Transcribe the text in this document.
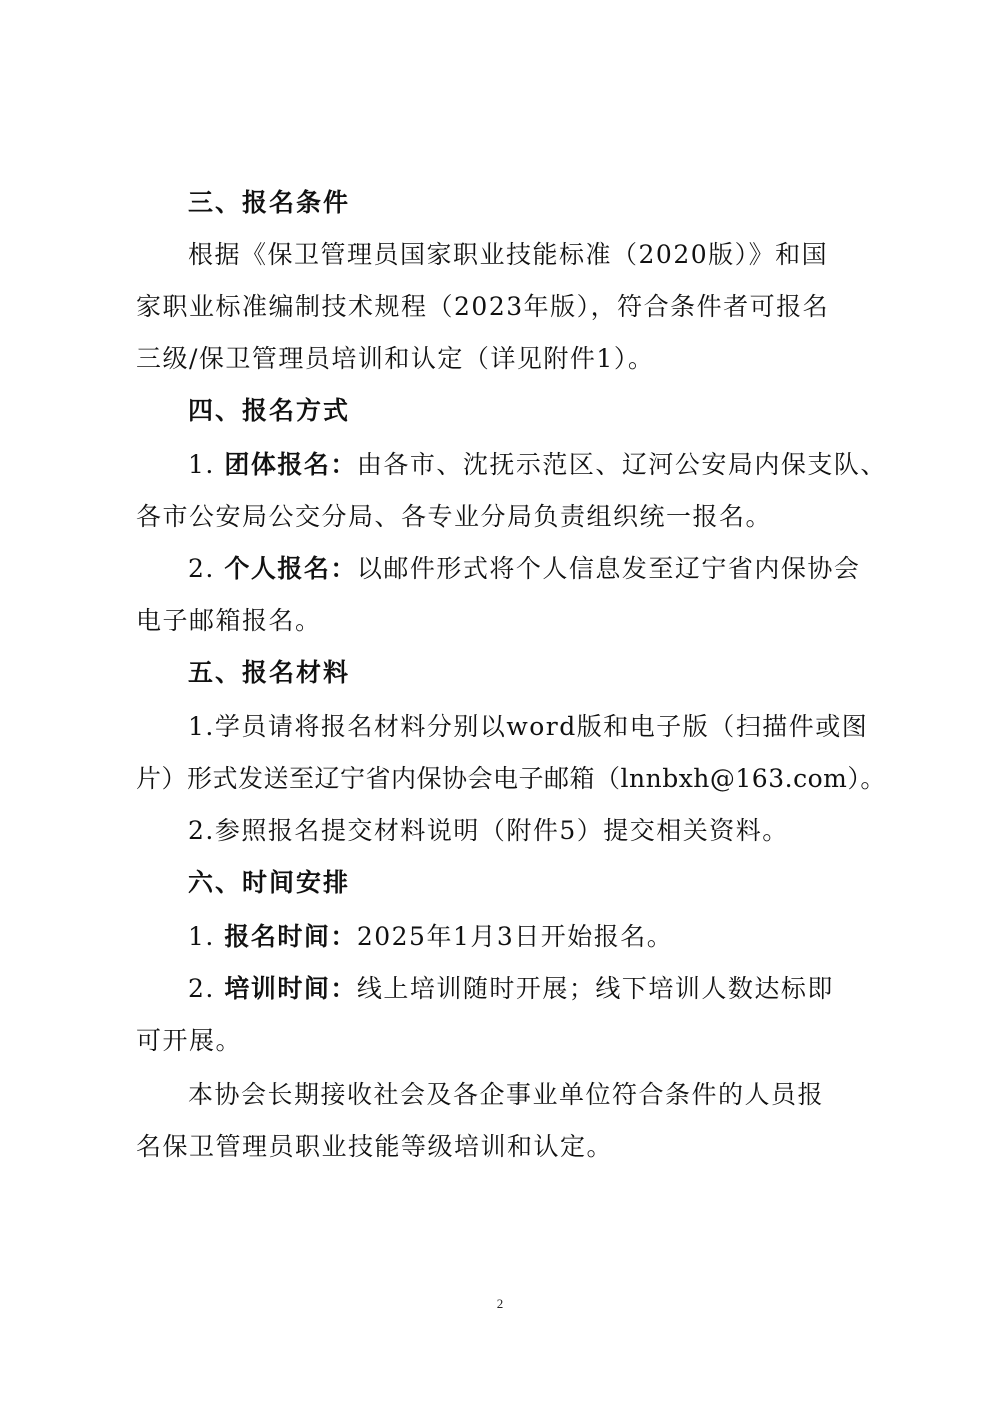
三、报名条件
根据《保卫管理员国家职业技能标准（2020版）》和国
家职业标准编制技术规程（2023年版），符合条件者可报名
三级/保卫管理员培训和认定（详见附件1）。
四、报名方式
1. 团体报名：由各市、沈抚示范区、辽河公安局内保支队、
各市公安局公交分局、各专业分局负责组织统一报名。
2. 个人报名：以邮件形式将个人信息发至辽宁省内保协会
电子邮箱报名。
五、报名材料
1.学员请将报名材料分别以word版和电子版（扫描件或图
片）形式发送至辽宁省内保协会电子邮箱（lnnbxh@163.com）。
2.参照报名提交材料说明（附件5）提交相关资料。
六、时间安排
1. 报名时间：2025年1月3日开始报名。
2. 培训时间：线上培训随时开展；线下培训人数达标即
可开展。
本协会长期接收社会及各企事业单位符合条件的人员报
名保卫管理员职业技能等级培训和认定。
2
